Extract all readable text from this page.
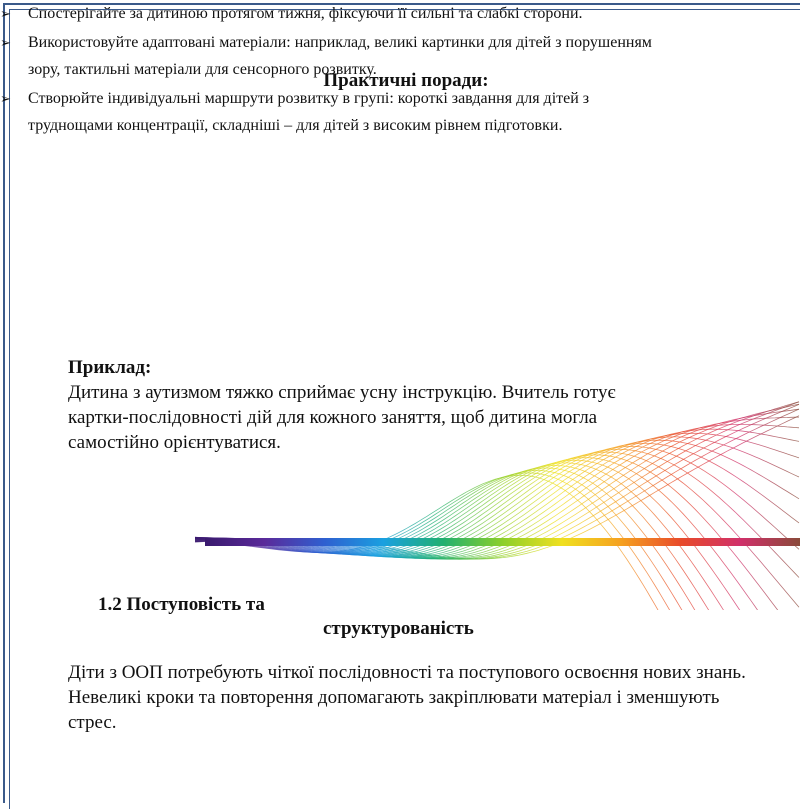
Практичні поради:
➢ Спостерігайте за дитиною протягом тижня, фіксуючи її сильні та слабкі сторони.
➢ Використовуйте адаптовані матеріали: наприклад, великі картинки для дітей з порушенням зору, тактильні матеріали для сенсорного розвитку.
➢ Створюйте індивідуальні маршрути розвитку в групі: короткі завдання для дітей з труднощами концентрації, складніші – для дітей з високим рівнем підготовки.
Приклад:
Дитина з аутизмом тяжко сприймає усну інструкцію. Вчитель готує картки-послідовності дій для кожного заняття, щоб дитина могла самостійно орієнтуватися.
1.2 Поступовість та
структурованість
Діти з ООП потребують чіткої послідовності та поступового освоєння нових знань. Невеликі кроки та повторення допомагають закріплювати матеріал і зменшують стрес.
